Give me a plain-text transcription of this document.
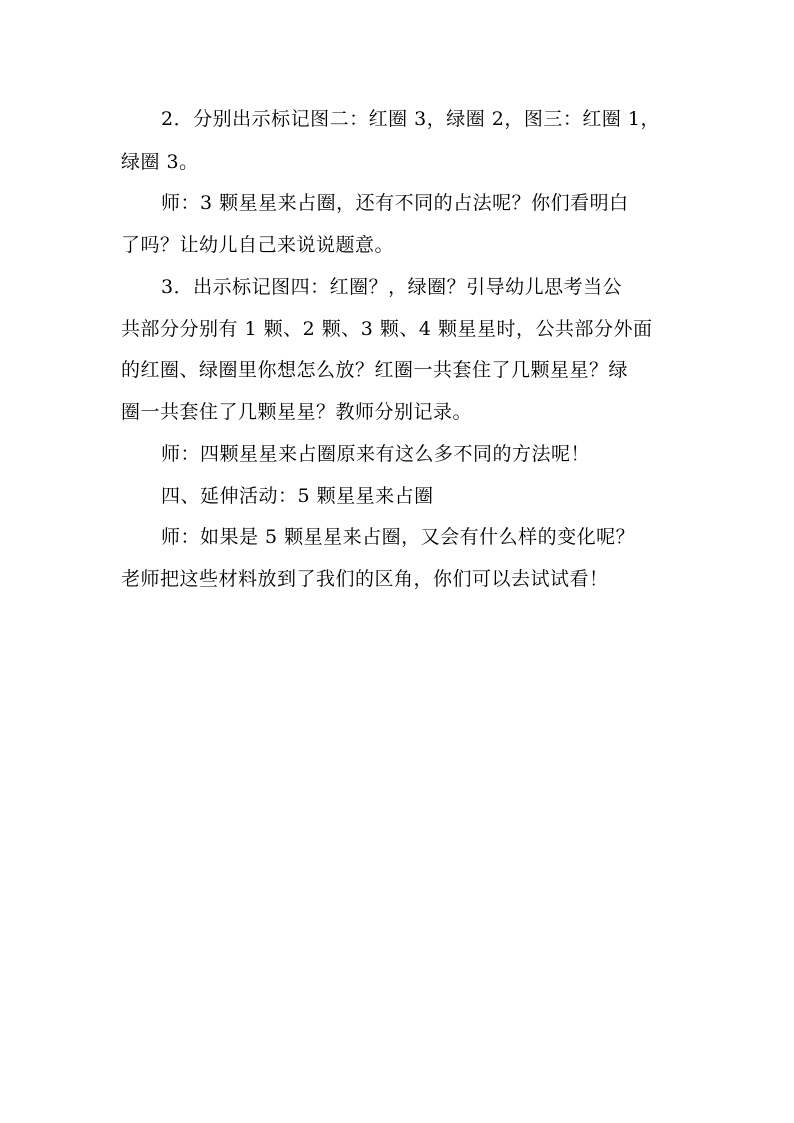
2．分别出示标记图二：红圈 3，绿圈 2，图三：红圈 1，
绿圈 3。
师：3 颗星星来占圈，还有不同的占法呢？你们看明白
了吗？让幼儿自己来说说题意。
3．出示标记图四：红圈？，绿圈？引导幼儿思考当公
共部分分别有 1 颗、2 颗、3 颗、4 颗星星时，公共部分外面
的红圈、绿圈里你想怎么放？红圈一共套住了几颗星星？绿
圈一共套住了几颗星星？教师分别记录。
师：四颗星星来占圈原来有这么多不同的方法呢！
四、延伸活动：5 颗星星来占圈
师：如果是 5 颗星星来占圈，又会有什么样的变化呢？
老师把这些材料放到了我们的区角，你们可以去试试看！
